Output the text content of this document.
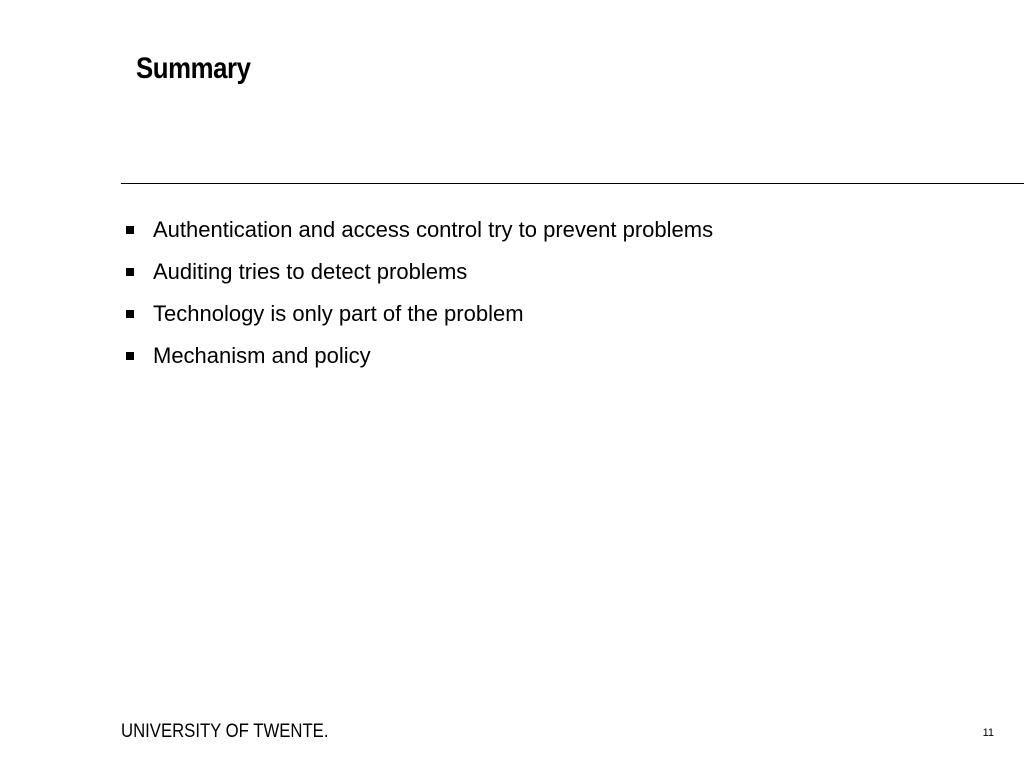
Summary
Authentication and access control try to prevent problems
Auditing tries to detect problems
Technology is only part of the problem
Mechanism and policy
UNIVERSITY OF TWENTE.	11
